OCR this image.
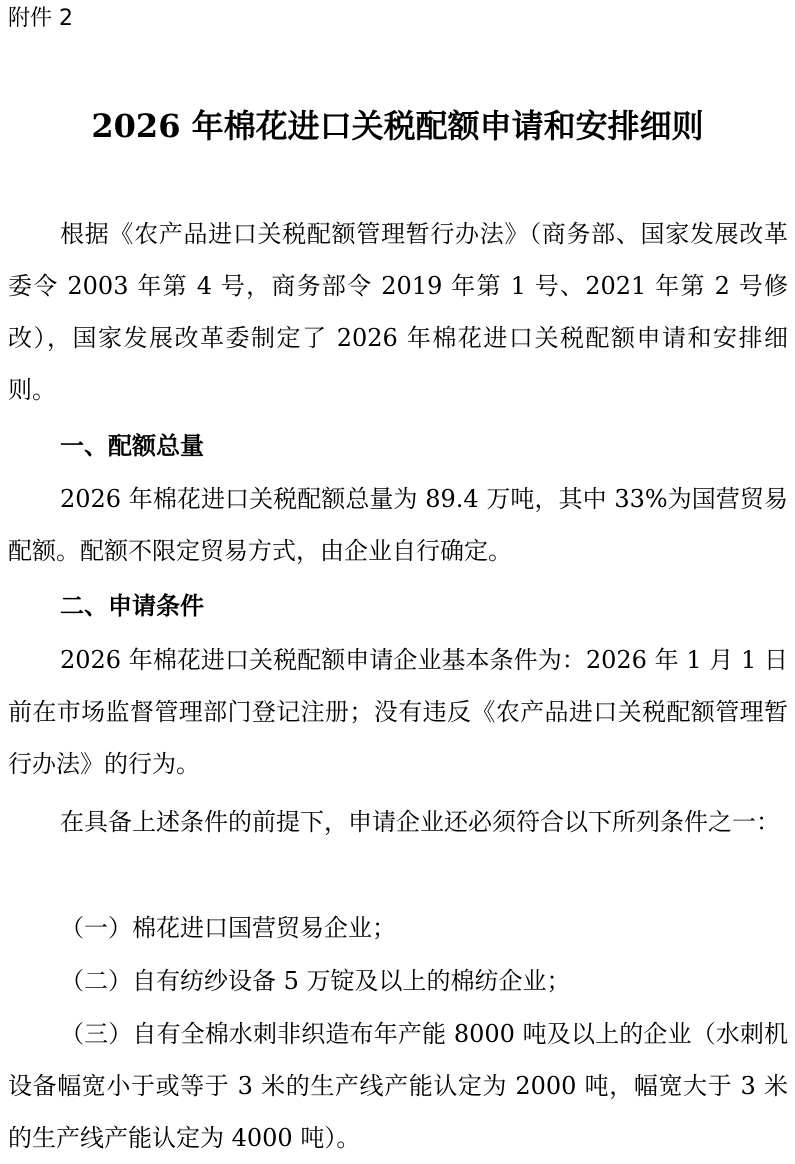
附件 2
2026 年棉花进口关税配额申请和安排细则

根据《农产品进口关税配额管理暂行办法》（商务部、国家发展改革委令 2003 年第 4 号，商务部令 2019 年第 1 号、2021 年第 2 号修改），国家发展改革委制定了 2026 年棉花进口关税配额申请和安排细则。

一、配额总量

2026 年棉花进口关税配额总量为 89.4 万吨，其中 33%为国营贸易配额。配额不限定贸易方式，由企业自行确定。

二、申请条件

2026 年棉花进口关税配额申请企业基本条件为：2026 年 1 月 1 日前在市场监督管理部门登记注册；没有违反《农产品进口关税配额管理暂行办法》的行为。

在具备上述条件的前提下，申请企业还必须符合以下所列条件之一：

（一）棉花进口国营贸易企业；

（二）自有纺纱设备 5 万锭及以上的棉纺企业；

（三）自有全棉水刺非织造布年产能 8000 吨及以上的企业（水刺机设备幅宽小于或等于 3 米的生产线产能认定为 2000 吨，幅宽大于 3 米的生产线产能认定为 4000 吨）。
